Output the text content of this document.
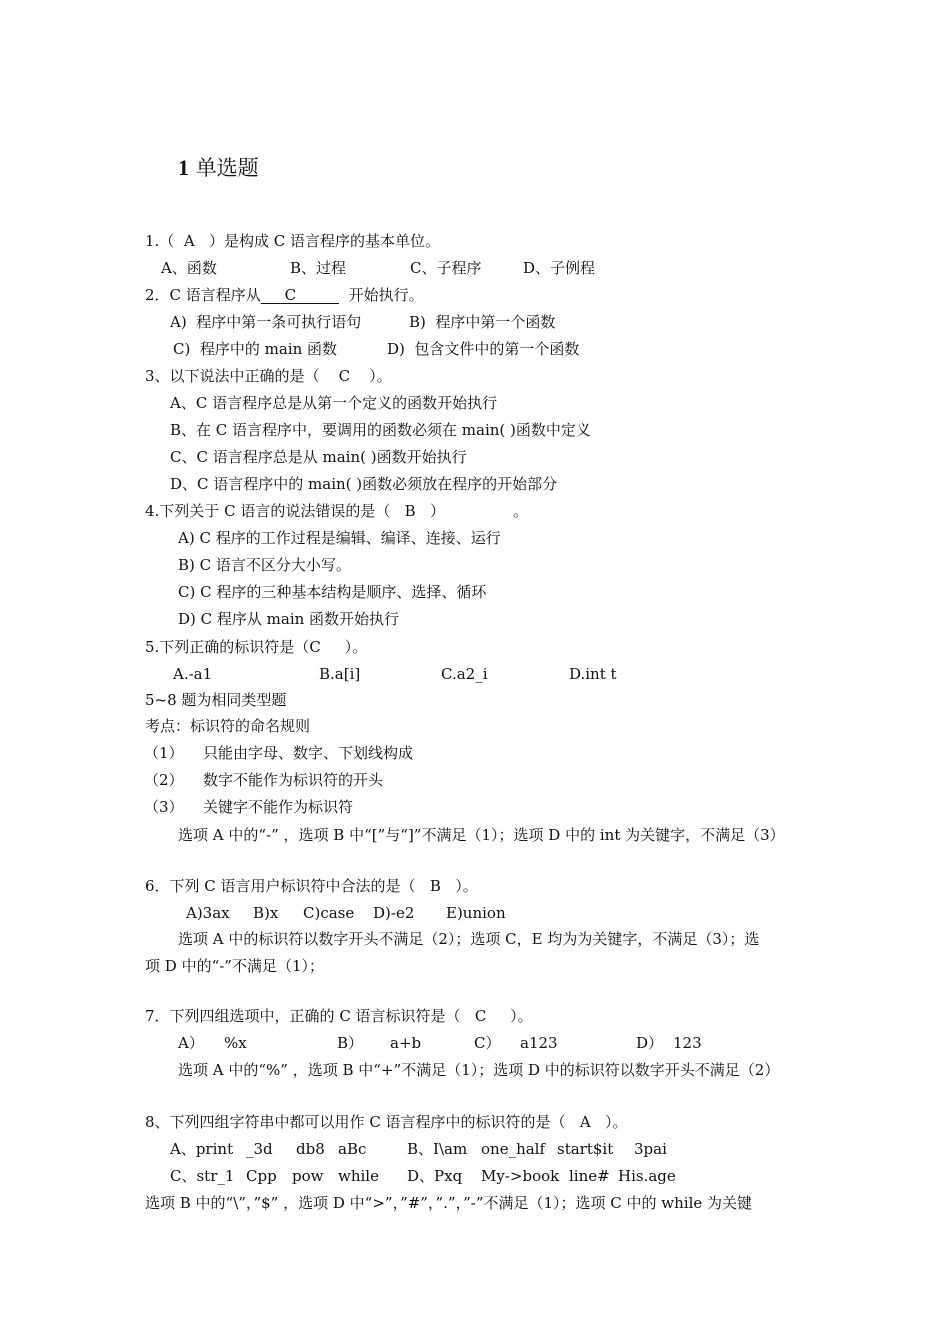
1 单选题
1.（  A   ）是构成 C 语言程序的基本单位。
A、函数	B、过程	C、子程序	D、子例程
2．C 语言程序从     C           开始执行。
A)  程序中第一条可执行语句	B)  程序中第一个函数
C)  程序中的 main 函数	D)  包含文件中的第一个函数
3、以下说法中正确的是（    C    ）。
A、C 语言程序总是从第一个定义的函数开始执行
B、在 C 语言程序中，要调用的函数必须在 main( )函数中定义
C、C 语言程序总是从 main( )函数开始执行
D、C 语言程序中的 main( )函数必须放在程序的开始部分
4.下列关于 C 语言的说法错误的是（   B   ）	。
A) C 程序的工作过程是编辑、编译、连接、运行
B) C 语言不区分大小写。
C) C 程序的三种基本结构是顺序、选择、循环
D) C 程序从 main 函数开始执行
5.下列正确的标识符是（C     ）。
A.-a1	B.a[i]	C.a2_i	D.int t
5~8 题为相同类型题
考点：标识符的命名规则
（1） 只能由字母、数字、下划线构成
（2） 数字不能作为标识符的开头
（3） 关键字不能作为标识符
选项 A 中的“-” ，选项 B 中“[”与“]”不满足（1）；选项 D 中的 int 为关键字，不满足（3）
6．下列 C 语言用户标识符中合法的是（   B   ）。
A)3ax B)x C)case D)-e2 E)union
选项 A 中的标识符以数字开头不满足（2）；选项 C，E 均为为关键字，不满足（3）；选
项 D 中的“-”不满足（1）；
7．下列四组选项中，正确的 C 语言标识符是（   C     ）。
A） %x	B） a+b	C） a123	D） 123
选项 A 中的“%” ，选项 B 中“+”不满足（1）；选项 D 中的标识符以数字开头不满足（2）
8、下列四组字符串中都可以用作 C 语言程序中的标识符的是（   A   ）。
A、print _3d db8 aBc	B、I\am one_half start$it 3pai
C、str_1 Cpp pow while D、Pxq My->book line# His.age
选项 B 中的“\”，”$” ，选项 D 中“>”，”#”，”.”，”-”不满足（1）；选项 C 中的 while 为关键
